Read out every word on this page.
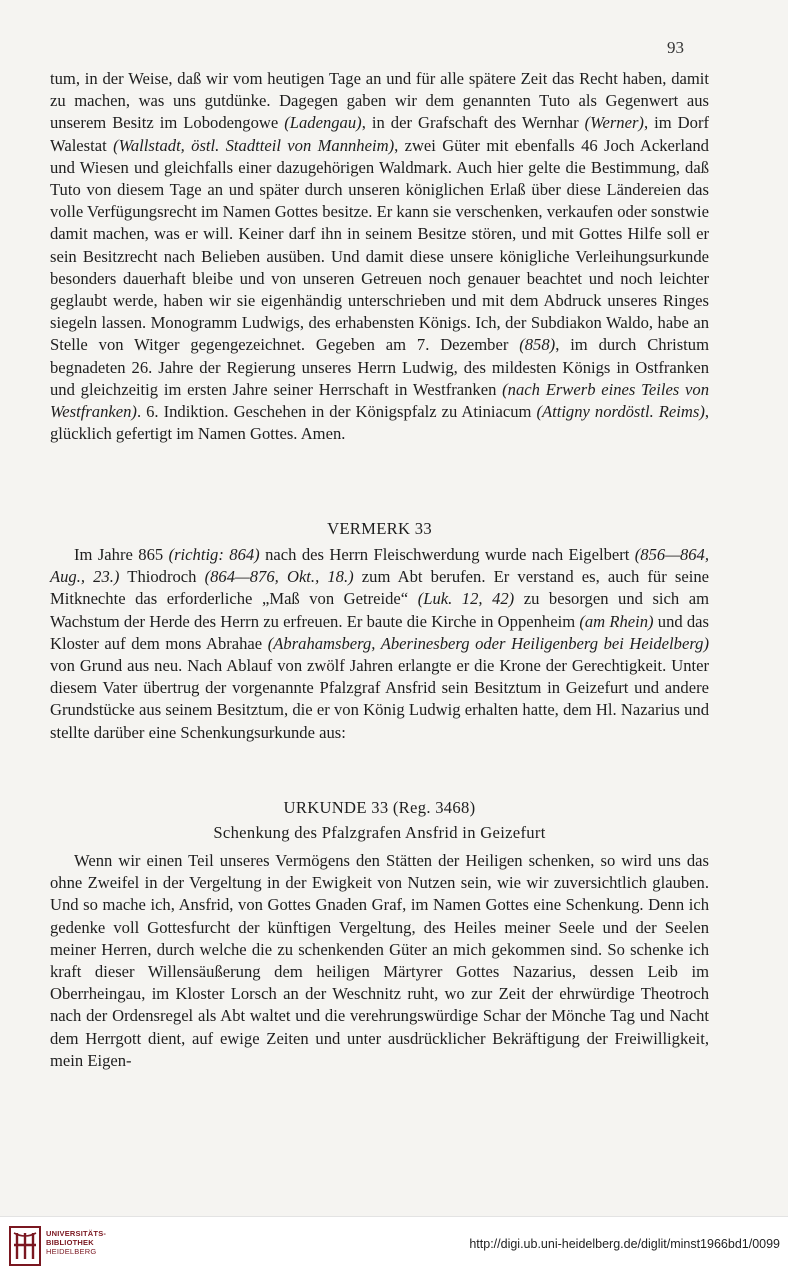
93

tum, in der Weise, daß wir vom heutigen Tage an und für alle spätere Zeit das Recht haben, damit zu machen, was uns gutdünke. Dagegen gaben wir dem genannten Tuto als Gegenwert aus unserem Besitz im Lobodengowe (Ladengau), in der Grafschaft des Wernhar (Werner), im Dorf Walestat (Wallstadt, östl. Stadtteil von Mannheim), zwei Güter mit ebenfalls 46 Joch Ackerland und Wiesen und gleichfalls einer dazugehörigen Waldmark. Auch hier gelte die Bestimmung, daß Tuto von diesem Tage an und später durch unseren königlichen Erlaß über diese Ländereien das volle Verfügungsrecht im Namen Gottes besitze. Er kann sie verschenken, verkaufen oder sonstwie damit machen, was er will. Keiner darf ihn in seinem Besitze stören, und mit Gottes Hilfe soll er sein Besitzrecht nach Belieben ausüben. Und damit diese unsere königliche Verleihungsurkunde besonders dauerhaft bleibe und von unseren Getreuen noch genauer beachtet und noch leichter geglaubt werde, haben wir sie eigenhändig unterschrieben und mit dem Abdruck unseres Ringes siegeln lassen. Monogramm Ludwigs, des erhabensten Königs. Ich, der Subdiakon Waldo, habe an Stelle von Witger gegengezeichnet. Gegeben am 7. Dezember (858), im durch Christum begnadeten 26. Jahre der Regierung unseres Herrn Ludwig, des mildesten Königs in Ostfranken und gleichzeitig im ersten Jahre seiner Herrschaft in Westfranken (nach Erwerb eines Teiles von Westfranken). 6. Indiktion. Geschehen in der Königspfalz zu Atiniacum (Attigny nordöstl. Reims), glücklich gefertigt im Namen Gottes. Amen.

VERMERK 33

Im Jahre 865 (richtig: 864) nach des Herrn Fleischwerdung wurde nach Eigelbert (856—864, Aug., 23.) Thiodroch (864—876, Okt., 18.) zum Abt berufen. Er verstand es, auch für seine Mitknechte das erforderliche „Maß von Getreide“ (Luk. 12, 42) zu besorgen und sich am Wachstum der Herde des Herrn zu erfreuen. Er baute die Kirche in Oppenheim (am Rhein) und das Kloster auf dem mons Abrahae (Abrahamsberg, Aberinesberg oder Heiligenberg bei Heidelberg) von Grund aus neu. Nach Ablauf von zwölf Jahren erlangte er die Krone der Gerechtigkeit. Unter diesem Vater übertrug der vorgenannte Pfalzgraf Ansfrid sein Besitztum in Geizefurt und andere Grundstücke aus seinem Besitztum, die er von König Ludwig erhalten hatte, dem Hl. Nazarius und stellte darüber eine Schenkungsurkunde aus:

URKUNDE 33 (Reg. 3468)
Schenkung des Pfalzgrafen Ansfrid in Geizefurt

Wenn wir einen Teil unseres Vermögens den Stätten der Heiligen schenken, so wird uns das ohne Zweifel in der Vergeltung in der Ewigkeit von Nutzen sein, wie wir zuversichtlich glauben. Und so mache ich, Ansfrid, von Gottes Gnaden Graf, im Namen Gottes eine Schenkung. Denn ich gedenke voll Gottesfurcht der künftigen Vergeltung, des Heiles meiner Seele und der Seelen meiner Herren, durch welche die zu schenkenden Güter an mich gekommen sind. So schenke ich kraft dieser Willensäußerung dem heiligen Märtyrer Gottes Nazarius, dessen Leib im Oberrheingau, im Kloster Lorsch an der Weschnitz ruht, wo zur Zeit der ehrwürdige Theotroch nach der Ordensregel als Abt waltet und die verehrungswürdige Schar der Mönche Tag und Nacht dem Herrgott dient, auf ewige Zeiten und unter ausdrücklicher Bekräftigung der Freiwilligkeit, mein Eigen-

UNIVERSITÄTS-
BIBLIOTHEK
HEIDELBERG
http://digi.ub.uni-heidelberg.de/diglit/minst1966bd1/0099
